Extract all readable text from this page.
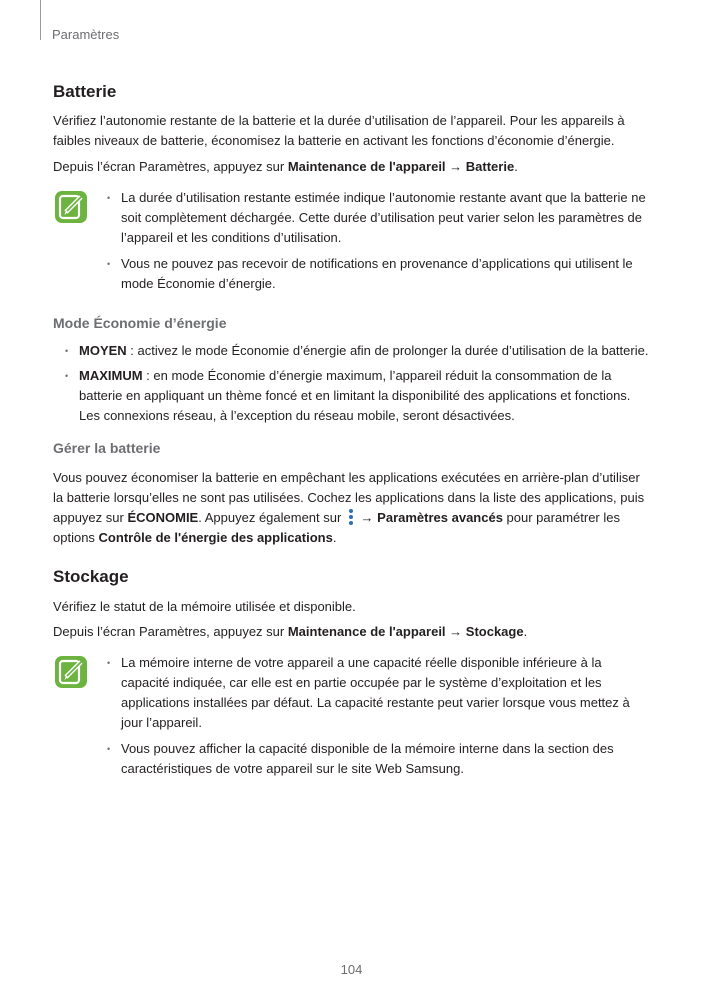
Paramètres
Batterie

Vérifiez l’autonomie restante de la batterie et la durée d’utilisation de l’appareil. Pour les appareils à faibles niveaux de batterie, économisez la batterie en activant les fonctions d’économie d’énergie.

Depuis l’écran Paramètres, appuyez sur Maintenance de l'appareil → Batterie.

• La durée d’utilisation restante estimée indique l’autonomie restante avant que la batterie ne soit complètement déchargée. Cette durée d’utilisation peut varier selon les paramètres de l’appareil et les conditions d’utilisation.
• Vous ne pouvez pas recevoir de notifications en provenance d’applications qui utilisent le mode Économie d’énergie.
Mode Économie d’énergie
• MOYEN : activez le mode Économie d’énergie afin de prolonger la durée d’utilisation de la batterie.
• MAXIMUM : en mode Économie d’énergie maximum, l’appareil réduit la consommation de la batterie en appliquant un thème foncé et en limitant la disponibilité des applications et fonctions. Les connexions réseau, à l’exception du réseau mobile, seront désactivées.
Gérer la batterie

Vous pouvez économiser la batterie en empêchant les applications exécutées en arrière-plan d’utiliser la batterie lorsqu’elles ne sont pas utilisées. Cochez les applications dans la liste des applications, puis appuyez sur ÉCONOMIE. Appuyez également sur  → Paramètres avancés pour paramétrer les options Contrôle de l'énergie des applications.

Stockage

Vérifiez le statut de la mémoire utilisée et disponible.

Depuis l’écran Paramètres, appuyez sur Maintenance de l'appareil → Stockage.

• La mémoire interne de votre appareil a une capacité réelle disponible inférieure à la capacité indiquée, car elle est en partie occupée par le système d’exploitation et les applications installées par défaut. La capacité restante peut varier lorsque vous mettez à jour l’appareil.
• Vous pouvez afficher la capacité disponible de la mémoire interne dans la section des caractéristiques de votre appareil sur le site Web Samsung.
104
